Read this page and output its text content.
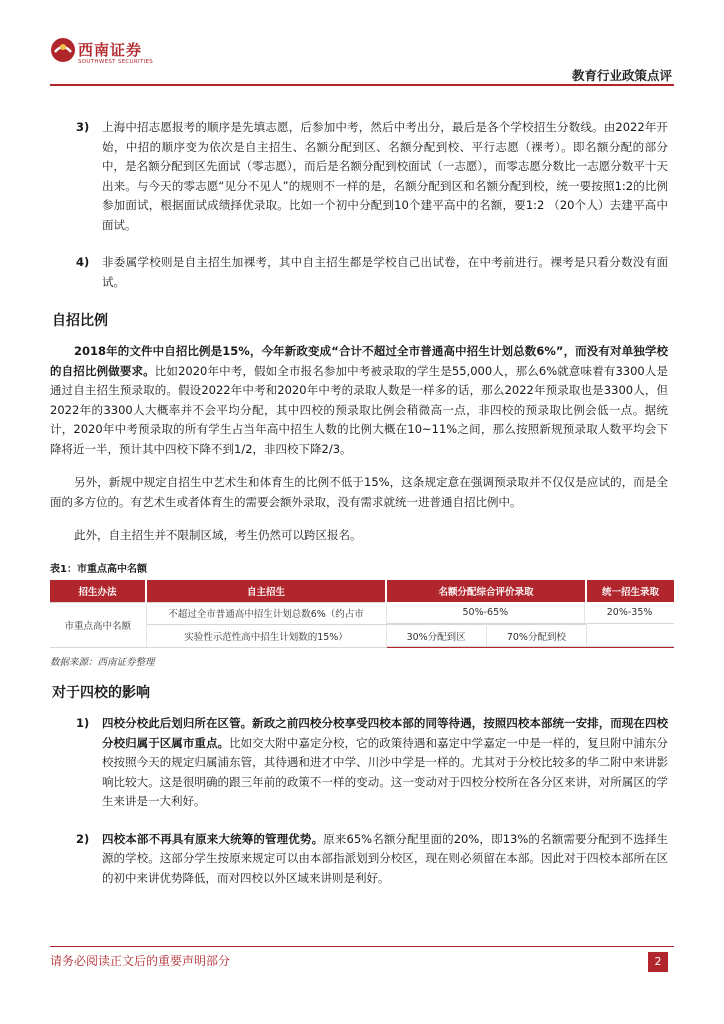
西南证券
SOUTHWEST SECURITIES
教育行业政策点评
3)	上海中招志愿报考的顺序是先填志愿，后参加中考，然后中考出分，最后是各个学校招生分数线。由2022年开始，中招的顺序变为依次是自主招生、名额分配到区、名额分配到校、平行志愿（裸考）。即名额分配的部分中，是名额分配到区先面试（零志愿），而后是名额分配到校面试（一志愿），而零志愿分数比一志愿分数平十天出来。与今天的零志愿“见分不见人”的规则不一样的是，名额分配到区和名额分配到校，统一要按照1:2的比例参加面试，根据面试成绩择优录取。比如一个初中分配到10个建平高中的名额，要1:2 （20个人）去建平高中面试。
4)	非委属学校则是自主招生加裸考，其中自主招生都是学校自己出试卷，在中考前进行。裸考是只看分数没有面试。
自招比例

2018年的文件中自招比例是15%，今年新政变成“合计不超过全市普通高中招生计划总数6%”，而没有对单独学校的自招比例做要求。比如2020年中考，假如全市报名参加中考被录取的学生是55,000人，那么6%就意味着有3300人是通过自主招生预录取的。假设2022年中考和2020年中考的录取人数是一样多的话，那么2022年预录取也是3300人，但2022年的3300人大概率并不会平均分配，其中四校的预录取比例会稍微高一点，非四校的预录取比例会低一点。据统计，2020年中考预录取的所有学生占当年高中招生人数的比例大概在10~11%之间，那么按照新规预录取人数平均会下降将近一半，预计其中四校下降不到1/2，非四校下降2/3。

另外，新规中规定自招生中艺术生和体育生的比例不低于15%，这条规定意在强调预录取并不仅仅是应试的，而是全面的多方位的。有艺术生或者体育生的需要会额外录取，没有需求就统一进普通自招比例中。

此外，自主招生并不限制区域，考生仍然可以跨区报名。

表1：市重点高中名额
招生办法	自主招生	名额分配综合评价录取	统一招生录取
市重点高中名额	不超过全市普通高中招生计划总数6%（约占市		50%-65%	20%-35%

实验性示范性高中招生计划数的15%）		30%分配到区	70%分配到校	
数据来源：西南证券整理
对于四校的影响
1)	四校分校此后划归所在区管。新政之前四校分校享受四校本部的同等待遇，按照四校本部统一安排，而现在四校分校归属于区属市重点。比如交大附中嘉定分校，它的政策待遇和嘉定中学嘉定一中是一样的，复旦附中浦东分校按照今天的规定归属浦东管，其待遇和进才中学、川沙中学是一样的。尤其对于分校比较多的华二附中来讲影响比较大。这是很明确的跟三年前的政策不一样的变动。这一变动对于四校分校所在各分区来讲，对所属区的学生来讲是一大利好。
2)	四校本部不再具有原来大统筹的管理优势。原来65%名额分配里面的20%，即13%的名额需要分配到不选择生源的学校。这部分学生按原来规定可以由本部指派划到分校区，现在则必须留在本部。因此对于四校本部所在区的初中来讲优势降低，而对四校以外区域来讲则是利好。
请务必阅读正文后的重要声明部分	2
